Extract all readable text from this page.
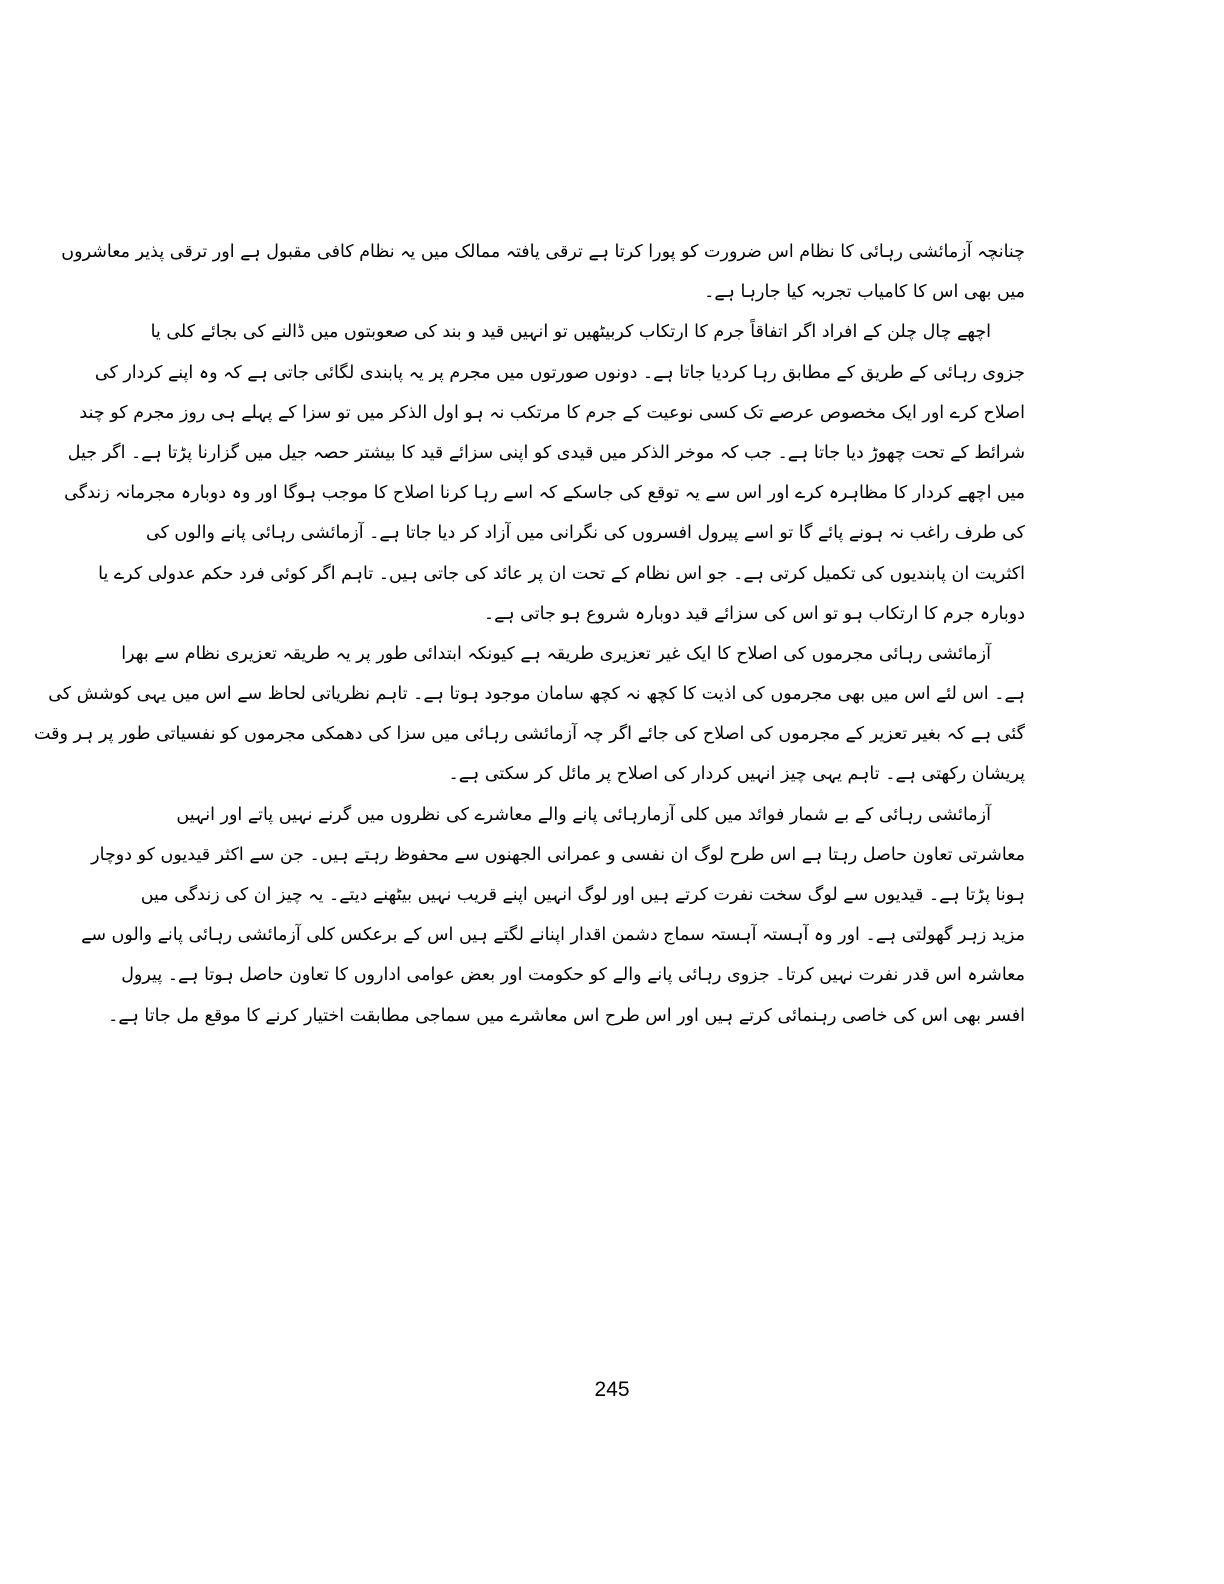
چنانچہ آزمائشی رہائی کا نظام اس ضرورت کو پورا کرتا ہے ترقی یافتہ ممالک میں یہ نظام کافی مقبول ہے اور ترقی پذیر معاشروں
میں بھی اس کا کامیاب تجربہ کیا جارہا ہے۔
اچھے چال چلن کے افراد اگر اتفاقاً جرم کا ارتکاب کربیٹھیں تو انہیں قید و بند کی صعوبتوں میں ڈالنے کی بجائے کلی یا
جزوی رہائی کے طریق کے مطابق رہا کردیا جاتا ہے۔ دونوں صورتوں میں مجرم پر یہ پابندی لگائی جاتی ہے کہ وہ اپنے کردار کی
اصلاح کرے اور ایک مخصوص عرصے تک کسی نوعیت کے جرم کا مرتکب نہ ہو اول الذکر میں تو سزا کے پہلے ہی روز مجرم کو چند
شرائط کے تحت چھوڑ دیا جاتا ہے۔ جب کہ موخر الذکر میں قیدی کو اپنی سزائے قید کا بیشتر حصہ جیل میں گزارنا پڑتا ہے۔ اگر جیل
میں اچھے کردار کا مظاہرہ کرے اور اس سے یہ توقع کی جاسکے کہ اسے رہا کرنا اصلاح کا موجب ہوگا اور وہ دوبارہ مجرمانہ زندگی
کی طرف راغب نہ ہونے پائے گا تو اسے پیرول افسروں کی نگرانی میں آزاد کر دیا جاتا ہے۔ آزمائشی رہائی پانے والوں کی
اکثریت ان پابندیوں کی تکمیل کرتی ہے۔ جو اس نظام کے تحت ان پر عائد کی جاتی ہیں۔ تاہم اگر کوئی فرد حکم عدولی کرے یا
دوبارہ جرم کا ارتکاب ہو تو اس کی سزائے قید دوبارہ شروع ہو جاتی ہے۔
آزمائشی رہائی مجرموں کی اصلاح کا ایک غیر تعزیری طریقہ ہے کیونکہ ابتدائی طور پر یہ طریقہ تعزیری نظام سے بھرا
ہے۔ اس لئے اس میں بھی مجرموں کی اذیت کا کچھ نہ کچھ سامان موجود ہوتا ہے۔ تاہم نظریاتی لحاظ سے اس میں یہی کوشش کی
گئی ہے کہ بغیر تعزیر کے مجرموں کی اصلاح کی جائے اگر چہ آزمائشی رہائی میں سزا کی دھمکی مجرموں کو نفسیاتی طور پر ہر وقت
پریشان رکھتی ہے۔ تاہم یہی چیز انہیں کردار کی اصلاح پر مائل کر سکتی ہے۔
آزمائشی رہائی کے بے شمار فوائد میں کلی آزمارہائی پانے والے معاشرے کی نظروں میں گرنے نہیں پاتے اور انہیں
معاشرتی تعاون حاصل رہتا ہے اس طرح لوگ ان نفسی و عمرانی الجھنوں سے محفوظ رہتے ہیں۔ جن سے اکثر قیدیوں کو دوچار
ہونا پڑتا ہے۔ قیدیوں سے لوگ سخت نفرت کرتے ہیں اور لوگ انہیں اپنے قریب نہیں بیٹھنے دیتے۔ یہ چیز ان کی زندگی میں
مزید زہر گھولتی ہے۔ اور وہ آہستہ آہستہ سماج دشمن اقدار اپنانے لگتے ہیں اس کے برعکس کلی آزمائشی رہائی پانے والوں سے
معاشرہ اس قدر نفرت نہیں کرتا۔ جزوی رہائی پانے والے کو حکومت اور بعض عوامی اداروں کا تعاون حاصل ہوتا ہے۔ پیرول
افسر بھی اس کی خاصی رہنمائی کرتے ہیں اور اس طرح اس معاشرے میں سماجی مطابقت اختیار کرنے کا موقع مل جاتا ہے۔
245
